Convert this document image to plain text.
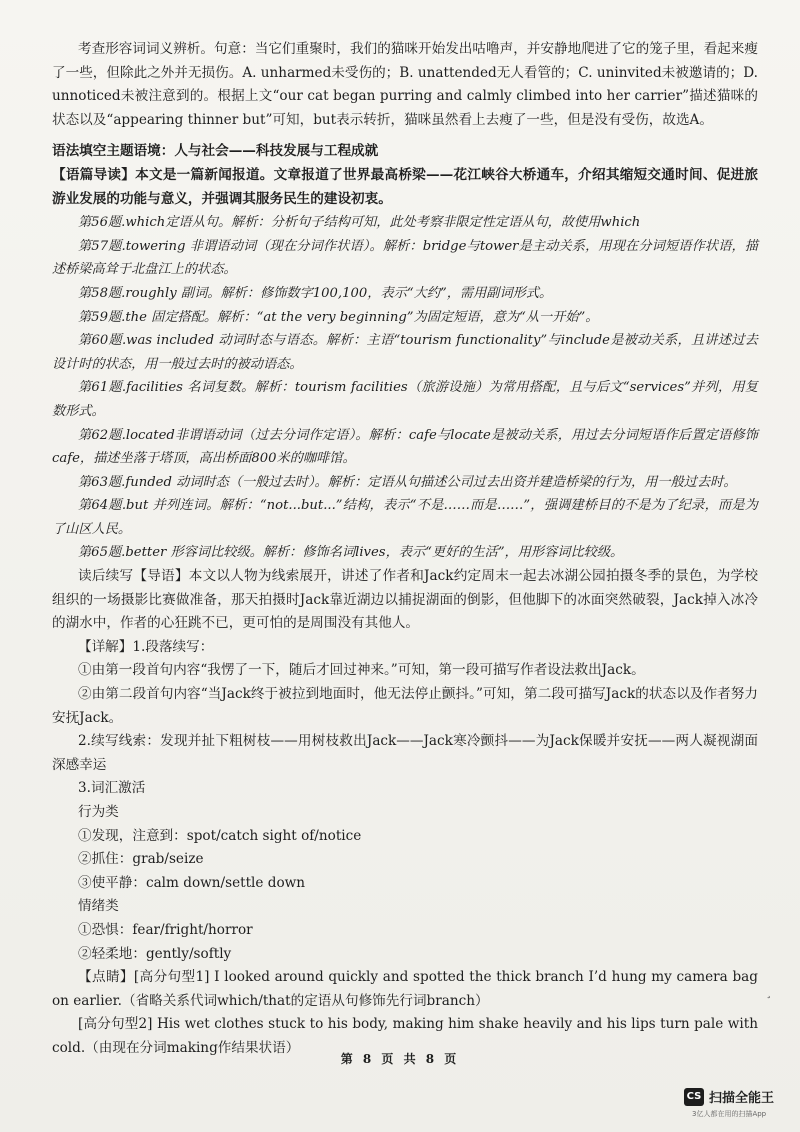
考查形容词词义辨析。句意：当它们重聚时，我们的猫咪开始发出咕噜声，并安静地爬进了它的笼子里，看起来瘦了一些，但除此之外并无损伤。A. unharmed未受伤的；B. unattended无人看管的；C. uninvited未被邀请的；D. unnoticed未被注意到的。根据上文“our cat began purring and calmly climbed into her carrier”描述猫咪的状态以及“appearing thinner but”可知，but表示转折，猫咪虽然看上去瘦了一些，但是没有受伤，故选A。

语法填空主题语境：人与社会——科技发展与工程成就

【语篇导读】本文是一篇新闻报道。文章报道了世界最高桥梁——花江峡谷大桥通车，介绍其缩短交通时间、促进旅游业发展的功能与意义，并强调其服务民生的建设初衷。

第56题.which定语从句。解析：分析句子结构可知，此处考察非限定性定语从句，故使用which

第57题.towering 非谓语动词（现在分词作状语）。解析：bridge与tower是主动关系，用现在分词短语作状语，描述桥梁高耸于北盘江上的状态。

第58题.roughly 副词。解析：修饰数字100,100，表示“大约”，需用副词形式。

第59题.the 固定搭配。解析：“at the very beginning”为固定短语，意为“从一开始”。

第60题.was included 动词时态与语态。解析：主语“tourism functionality”与include是被动关系，且讲述过去设计时的状态，用一般过去时的被动语态。

第61题.facilities 名词复数。解析：tourism facilities（旅游设施）为常用搭配，且与后文“services”并列，用复数形式。

第62题.located非谓语动词（过去分词作定语）。解析：cafe与locate是被动关系，用过去分词短语作后置定语修饰cafe，描述坐落于塔顶，高出桥面800米的咖啡馆。

第63题.funded 动词时态（一般过去时）。解析：定语从句描述公司过去出资并建造桥梁的行为，用一般过去时。

第64题.but 并列连词。解析：“not...but...”结构，表示“不是……而是……”，强调建桥目的不是为了纪录，而是为了山区人民。

第65题.better 形容词比较级。解析：修饰名词lives，表示“更好的生活”，用形容词比较级。

读后续写【导语】本文以人物为线索展开，讲述了作者和Jack约定周末一起去冰湖公园拍摄冬季的景色，为学校组织的一场摄影比赛做准备，那天拍摄时Jack靠近湖边以捕捉湖面的倒影，但他脚下的冰面突然破裂，Jack掉入冰冷的湖水中，作者的心狂跳不已，更可怕的是周围没有其他人。

【详解】1.段落续写：

①由第一段首句内容“我愣了一下，随后才回过神来。”可知，第一段可描写作者设法救出Jack。

②由第二段首句内容“当Jack终于被拉到地面时，他无法停止颤抖。”可知，第二段可描写Jack的状态以及作者努力安抚Jack。

2.续写线索：发现并扯下粗树枝——用树枝救出Jack——Jack寒冷颤抖——为Jack保暖并安抚——两人凝视湖面深感幸运

3.词汇激活

行为类

①发现，注意到：spot/catch sight of/notice

②抓住：grab/seize

③使平静：calm down/settle down

情绪类

①恐惧：fear/fright/horror

②轻柔地：gently/softly

【点睛】[高分句型1] I looked around quickly and spotted the thick branch I’d hung my camera bag on earlier.（省略关系代词which/that的定语从句修饰先行词branch）

[高分句型2] His wet clothes stuck to his body, making him shake heavily and his lips turn pale with cold.（由现在分词making作结果状语）

¸
第 8 页 共 8 页
CS 扫描全能王
3亿人都在用的扫描App
